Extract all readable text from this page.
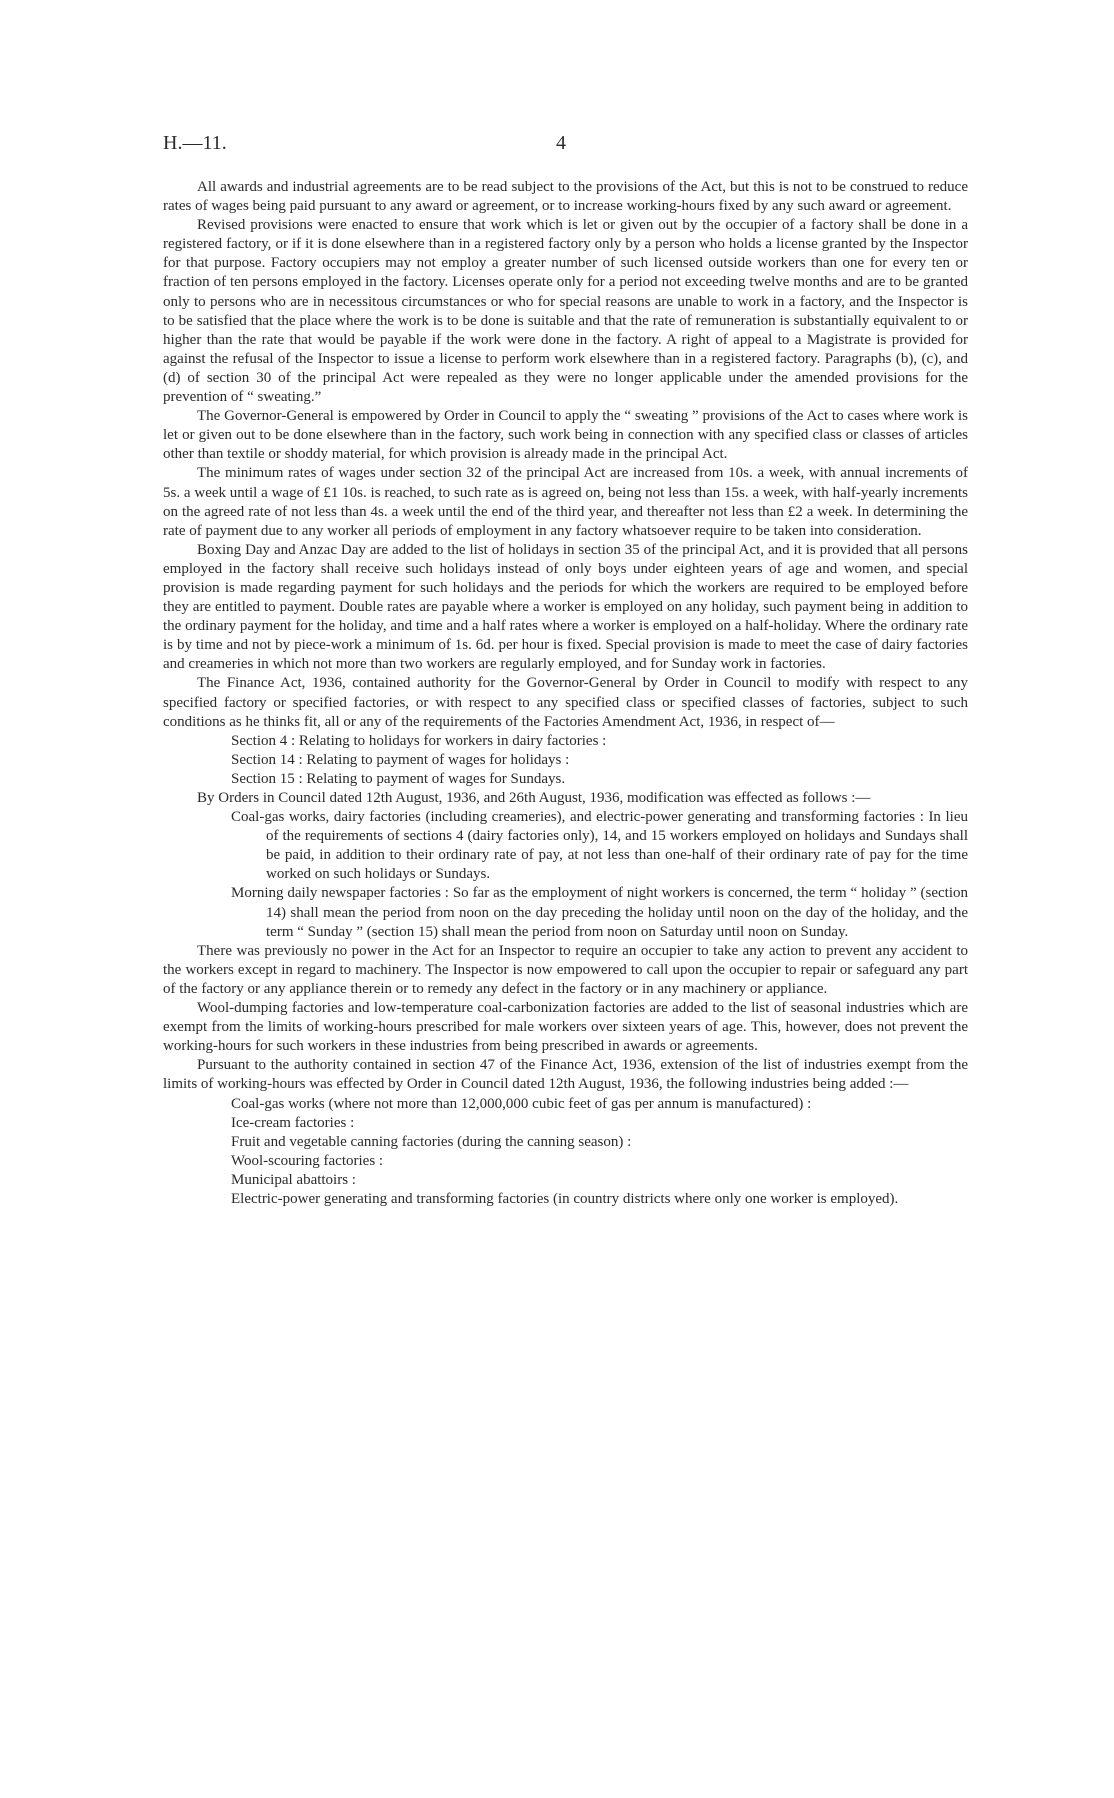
H.—11.	4

All awards and industrial agreements are to be read subject to the provisions of the Act, but this is not to be construed to reduce rates of wages being paid pursuant to any award or agreement, or to increase working-hours fixed by any such award or agreement.

Revised provisions were enacted to ensure that work which is let or given out by the occupier of a factory shall be done in a registered factory, or if it is done elsewhere than in a registered factory only by a person who holds a license granted by the Inspector for that purpose. Factory occupiers may not employ a greater number of such licensed outside workers than one for every ten or fraction of ten persons employed in the factory. Licenses operate only for a period not exceeding twelve months and are to be granted only to persons who are in necessitous circumstances or who for special reasons are unable to work in a factory, and the Inspector is to be satisfied that the place where the work is to be done is suitable and that the rate of remuneration is substantially equivalent to or higher than the rate that would be payable if the work were done in the factory. A right of appeal to a Magistrate is provided for against the refusal of the Inspector to issue a license to perform work elsewhere than in a registered factory. Paragraphs (b), (c), and (d) of section 30 of the principal Act were repealed as they were no longer applicable under the amended provisions for the prevention of “ sweating.”

The Governor-General is empowered by Order in Council to apply the “ sweating ” provisions of the Act to cases where work is let or given out to be done elsewhere than in the factory, such work being in connection with any specified class or classes of articles other than textile or shoddy material, for which provision is already made in the principal Act.

The minimum rates of wages under section 32 of the principal Act are increased from 10s. a week, with annual increments of 5s. a week until a wage of £1 10s. is reached, to such rate as is agreed on, being not less than 15s. a week, with half-yearly increments on the agreed rate of not less than 4s. a week until the end of the third year, and thereafter not less than £2 a week. In determining the rate of payment due to any worker all periods of employment in any factory whatsoever require to be taken into consideration.

Boxing Day and Anzac Day are added to the list of holidays in section 35 of the principal Act, and it is provided that all persons employed in the factory shall receive such holidays instead of only boys under eighteen years of age and women, and special provision is made regarding payment for such holidays and the periods for which the workers are required to be employed before they are entitled to payment. Double rates are payable where a worker is employed on any holiday, such payment being in addition to the ordinary payment for the holiday, and time and a half rates where a worker is employed on a half-holiday. Where the ordinary rate is by time and not by piece-work a minimum of 1s. 6d. per hour is fixed. Special provision is made to meet the case of dairy factories and creameries in which not more than two workers are regularly employed, and for Sunday work in factories.

The Finance Act, 1936, contained authority for the Governor-General by Order in Council to modify with respect to any specified factory or specified factories, or with respect to any specified class or specified classes of factories, subject to such conditions as he thinks fit, all or any of the requirements of the Factories Amendment Act, 1936, in respect of—

Section 4 : Relating to holidays for workers in dairy factories :

Section 14 : Relating to payment of wages for holidays :

Section 15 : Relating to payment of wages for Sundays.

By Orders in Council dated 12th August, 1936, and 26th August, 1936, modification was effected as follows :—

Coal-gas works, dairy factories (including creameries), and electric-power generating and transforming factories : In lieu of the requirements of sections 4 (dairy factories only), 14, and 15 workers employed on holidays and Sundays shall be paid, in addition to their ordinary rate of pay, at not less than one-half of their ordinary rate of pay for the time worked on such holidays or Sundays.

Morning daily newspaper factories : So far as the employment of night workers is concerned, the term “ holiday ” (section 14) shall mean the period from noon on the day preceding the holiday until noon on the day of the holiday, and the term “ Sunday ” (section 15) shall mean the period from noon on Saturday until noon on Sunday.

There was previously no power in the Act for an Inspector to require an occupier to take any action to prevent any accident to the workers except in regard to machinery. The Inspector is now empowered to call upon the occupier to repair or safeguard any part of the factory or any appliance therein or to remedy any defect in the factory or in any machinery or appliance.

Wool-dumping factories and low-temperature coal-carbonization factories are added to the list of seasonal industries which are exempt from the limits of working-hours prescribed for male workers over sixteen years of age. This, however, does not prevent the working-hours for such workers in these industries from being prescribed in awards or agreements.

Pursuant to the authority contained in section 47 of the Finance Act, 1936, extension of the list of industries exempt from the limits of working-hours was effected by Order in Council dated 12th August, 1936, the following industries being added :—

Coal-gas works (where not more than 12,000,000 cubic feet of gas per annum is manufactured) :

Ice-cream factories :

Fruit and vegetable canning factories (during the canning season) :

Wool-scouring factories :

Municipal abattoirs :

Electric-power generating and transforming factories (in country districts where only one worker is employed).
